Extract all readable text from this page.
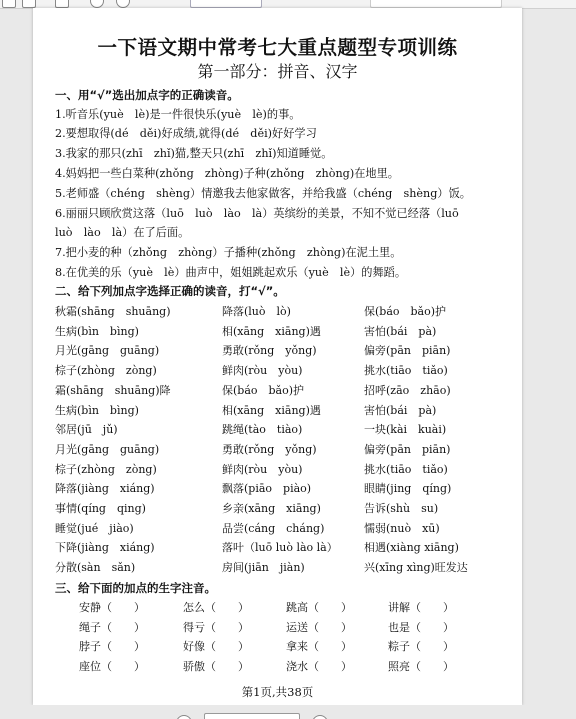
一下语文期中常考七大重点题型专项训练
第一部分：拼音、汉字
一、用“√”选出加点字的正确读音。
1.听音乐(yuè　lè)是一件很快乐(yuè　lè)的事。
2.要想取得(dé　děi)好成绩,就得(dé　děi)好好学习
3.我家的那只(zhī　zhǐ)猫,整天只(zhī　zhǐ)知道睡觉。
4.妈妈把一些白菜种(zhǒng　zhòng)子种(zhǒng　zhòng)在地里。
5.老师盛（chéng　shèng）情邀我去他家做客，并给我盛（chéng　shèng）饭。
6.丽丽只顾欣赏这落（luō　luò　lào　là）英缤纷的美景，不知不觉已经落（luō
luò　lào　là）在了后面。
7.把小麦的种（zhǒng　zhòng）子播种(zhǒng　zhòng)在泥土里。
8.在优美的乐（yuè　lè）曲声中，姐姐跳起欢乐（yuè　lè）的舞蹈。
二、给下列加点字选择正确的读音，打“√”。
秋霜(shāng　shuāng)	降落(luò　lò)	保(báo　bǎo)护
生病(bìn　bìng)	相(xāng　xiāng)遇	害怕(bái　pà)
月光(gāng　guāng)	勇敢(rǒng　yǒng)	偏旁(pān　piān)
棕子(zhòng　zòng)	鲜肉(ròu　yòu)	挑水(tiāo　tiǎo)
霜(shāng　shuāng)降	保(báo　bǎo)护	招呼(zāo　zhāo)
生病(bìn　bìng)	相(xāng　xiāng)遇	害怕(bái　pà)
邻居(jū　jǔ)	跳绳(tào　tiào)	一块(kài　kuài)
月光(gāng　guāng)	勇敢(rǒng　yǒng)	偏旁(pān　piān)
棕子(zhòng　zòng)	鲜肉(ròu　yòu)	挑水(tiāo　tiǎo)
降落(jiàng　xiáng)	飘落(piāo　piào)	眼睛(jing　qíng)
事情(qíng　qing)	乡亲(xāng　xiāng)	告诉(shù　su)
睡觉(jué　jiào)	品尝(cáng　cháng)	懦弱(nuò　xū)
下降(jiàng　xiáng)	落叶（luō luò lào là） 相遇(xiàng xiāng)
分散(sàn　sǎn)	房间(jiān　jiàn)	兴(xīng xìng)旺发达
三、给下面的加点的生字注音。
安静（　　）	怎么（　　）	跳高（　　）	讲解（　　）
绳子（　　）	得亏（　　）	运送（　　）	也是（　　）
脖子（　　）	好像（　　）	拿来（　　）	粽子（　　）
座位（　　）	骄傲（　　）	浇水（　　）	照亮（　　）
第1页,共38页
